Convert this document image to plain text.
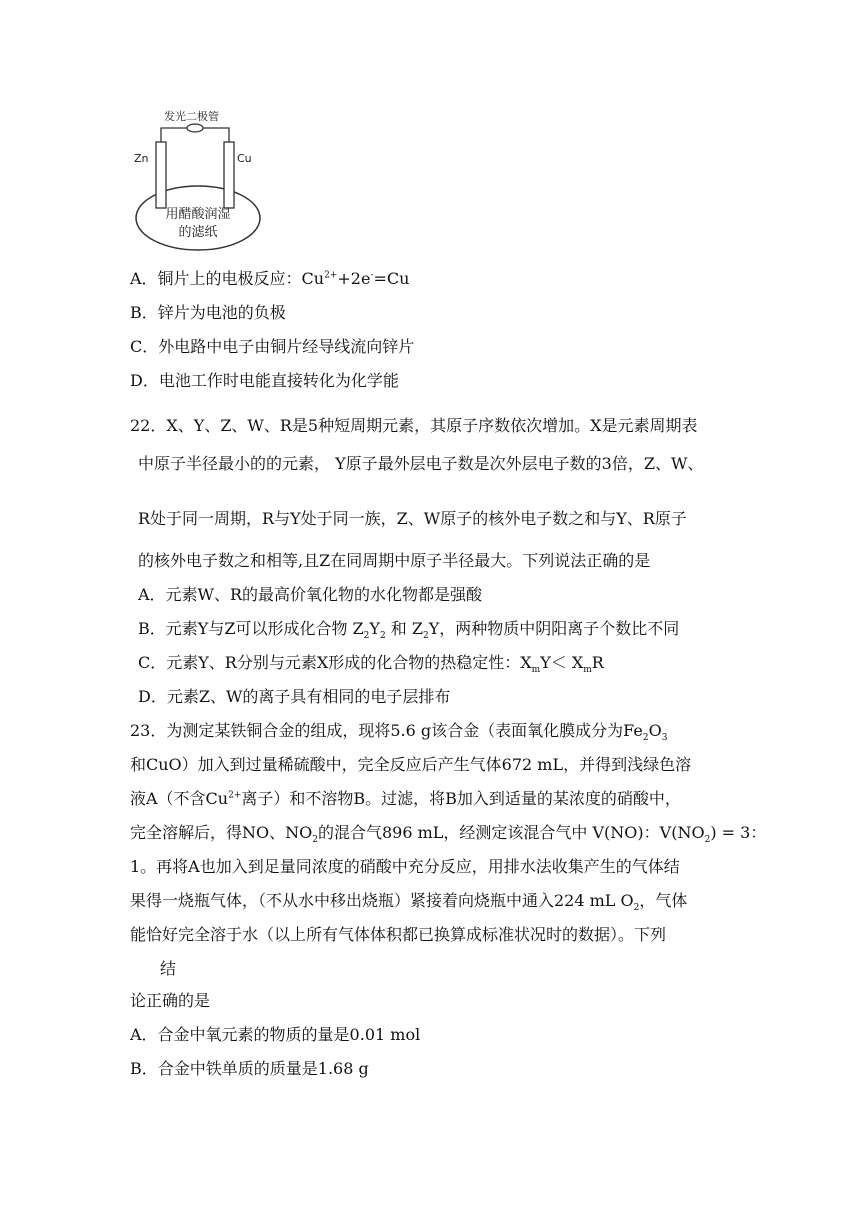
发光二极管
Zn	Cu
用醋酸润湿
的滤纸
A．铜片上的电极反应：$Cu^{2+}+2e^-=Cu$
B．锌片为电池的负极
C．外电路中电子由铜片经导线流向锌片
D．电池工作时电能直接转化为化学能
22．X、Y、Z、W、R是5种短周期元素，其原子序数依次增加。X是元素周期表
中原子半径最小的的元素， Y原子最外层电子数是次外层电子数的3倍，Z、W、
R处于同一周期，R与Y处于同一族，Z、W原子的核外电子数之和与Y、R原子
的核外电子数之和相等,且Z在同周期中原子半径最大。下列说法正确的是
A．元素W、R的最高价氧化物的水化物都是强酸
B．元素Y与Z可以形成化合物 $Z_2Y_2$ 和 $Z_2Y$，两种物质中阴阳离子个数比不同
C．元素Y、R分别与元素X形成的化合物的热稳定性：$X_mY< X_mR$
D．元素Z、W的离子具有相同的电子层排布
23．为测定某铁铜合金的组成，现将5.6 g该合金（表面氧化膜成分为$Fe_2O_3$
和CuO）加入到过量稀硫酸中，完全反应后产生气体672 mL，并得到浅绿色溶
液A（不含$Cu^{2+}$离子）和不溶物B。过滤，将B加入到适量的某浓度的硝酸中，
完全溶解后，得NO、$NO_2$的混合气896 mL，经测定该混合气中 V(NO)：$V(NO_2) = 3$：
1。再将A也加入到足量同浓度的硝酸中充分反应，用排水法收集产生的气体结
果得一烧瓶气体，（不从水中移出烧瓶）紧接着向烧瓶中通入224 mL $O_2$，气体
能恰好完全溶于水（以上所有气体体积都已换算成标准状况时的数据）。下列
结
论正确的是
A．合金中氧元素的物质的量是0.01 mol
B．合金中铁单质的质量是1.68 g
